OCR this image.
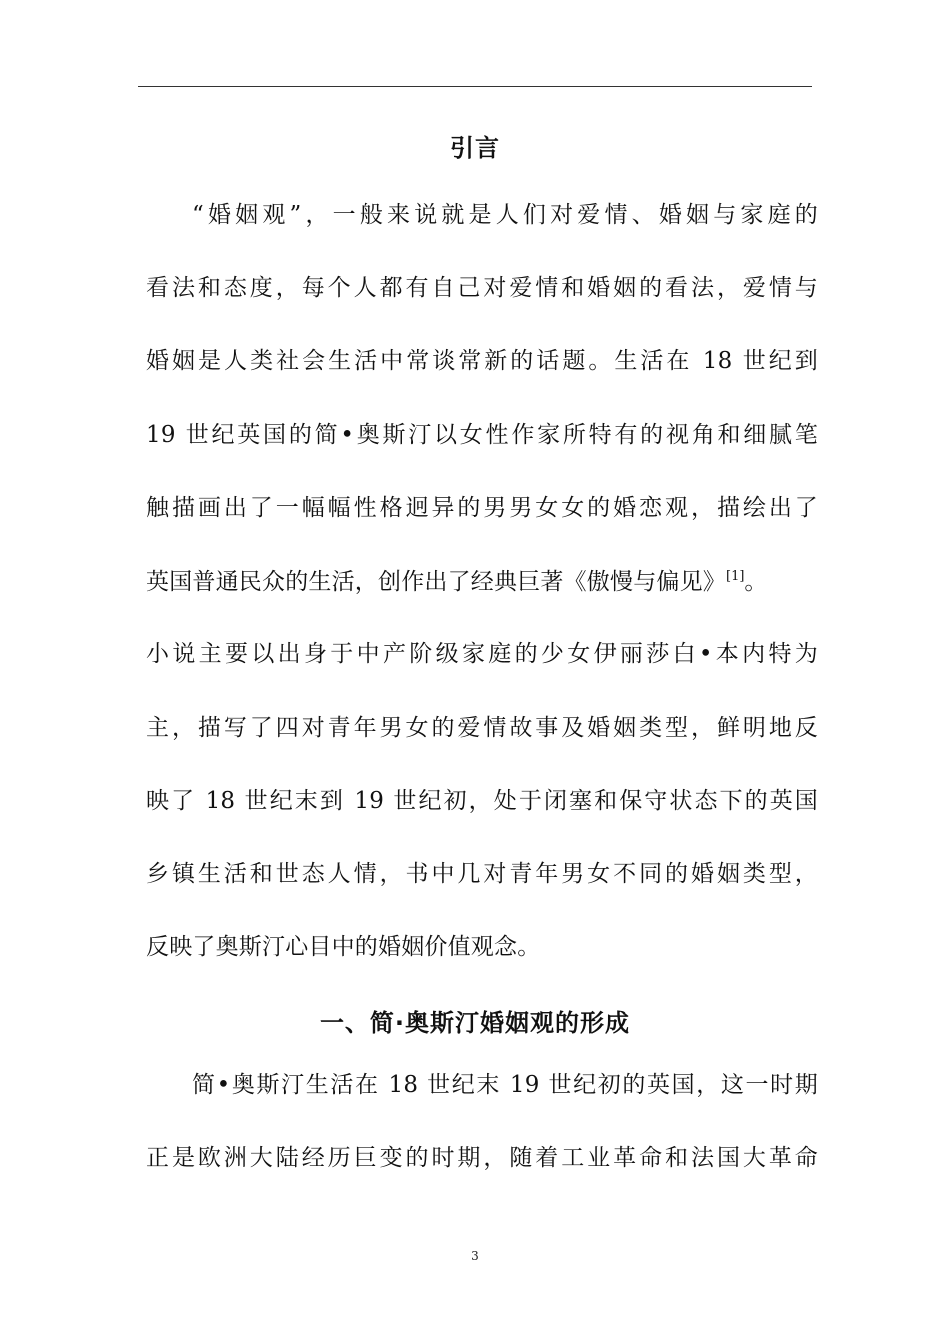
引言
“婚姻观”，一般来说就是人们对爱情、婚姻与家庭的
看法和态度，每个人都有自己对爱情和婚姻的看法，爱情与
婚姻是人类社会生活中常谈常新的话题。生活在 18 世纪到
19 世纪英国的简•奥斯汀以女性作家所特有的视角和细腻笔
触描画出了一幅幅性格迥异的男男女女的婚恋观，描绘出了
英国普通民众的生活，创作出了经典巨著《傲慢与偏见》[1]。
小说主要以出身于中产阶级家庭的少女伊丽莎白•本内特为
主，描写了四对青年男女的爱情故事及婚姻类型，鲜明地反
映了 18 世纪末到 19 世纪初，处于闭塞和保守状态下的英国
乡镇生活和世态人情，书中几对青年男女不同的婚姻类型，
反映了奥斯汀心目中的婚姻价值观念。
一、简·奥斯汀婚姻观的形成
简•奥斯汀生活在 18 世纪末 19 世纪初的英国，这一时期
正是欧洲大陆经历巨变的时期，随着工业革命和法国大革命
3
